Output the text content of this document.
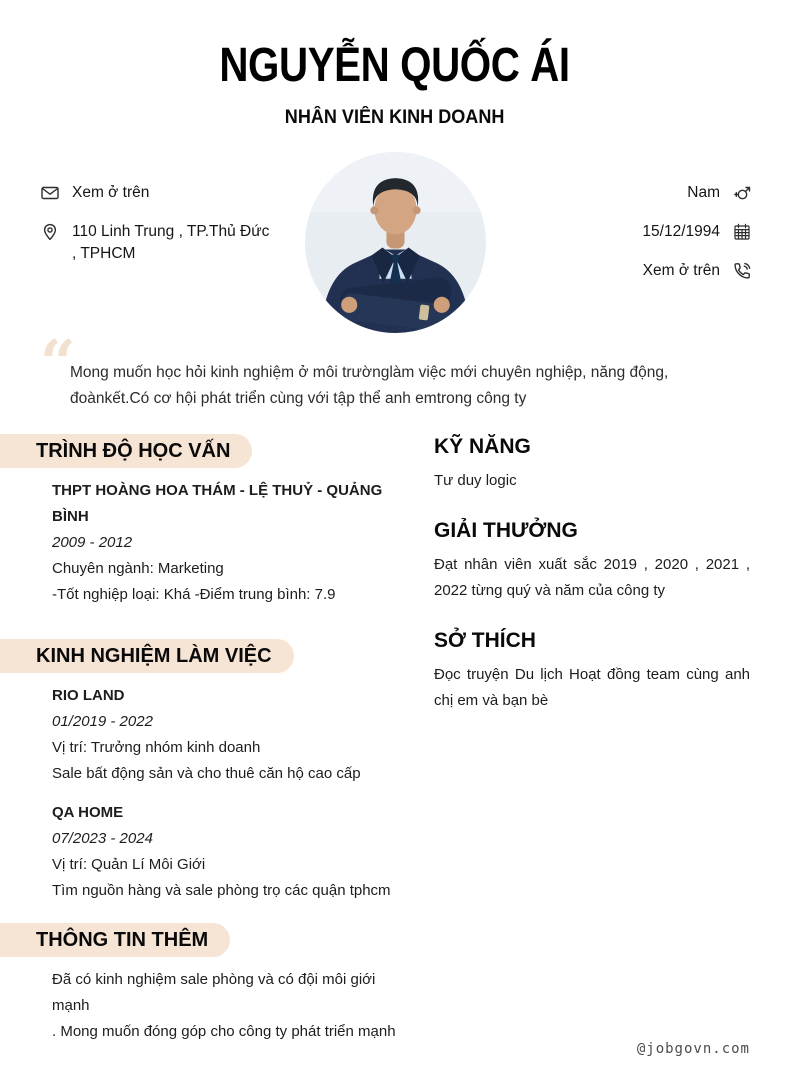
NGUYỄN QUỐC ÁI
NHÂN VIÊN KINH DOANH
Xem ở trên
110 Linh Trung , TP.Thủ Đức , TPHCM
Nam
15/12/1994
Xem ở trên
“
Mong muốn học hỏi kinh nghiệm ở môi trườnglàm việc mới chuyên nghiệp, năng động, đoànkết.Có cơ hội phát triển cùng với tập thể anh emtrong công ty
TRÌNH ĐỘ HỌC VẤN
THPT HOÀNG HOA THÁM - LỆ THUỶ - QUẢNG BÌNH
2009 - 2012
Chuyên ngành: Marketing
-Tốt nghiệp loại: Khá -Điểm trung bình: 7.9
KINH NGHIỆM LÀM VIỆC
RIO LAND
01/2019 - 2022
Vị trí: Trưởng nhóm kinh doanh
Sale bất động sản và cho thuê căn hộ cao cấp
QA HOME
07/2023 - 2024
Vị trí: Quản Lí Môi Giới
Tìm nguồn hàng và sale phòng trọ các quận tphcm
THÔNG TIN THÊM
Đã có kinh nghiệm sale phòng và có đội môi giới mạnh
. Mong muốn đóng góp cho công ty phát triển mạnh
KỸ NĂNG
Tư duy logic
GIẢI THƯỞNG
Đạt nhân viên xuất sắc 2019 , 2020 , 2021 , 2022 từng quý và năm của công ty
SỞ THÍCH
Đọc truyện Du lịch Hoạt đồng team cùng anh chị em và bạn bè
@jobgovn.com
